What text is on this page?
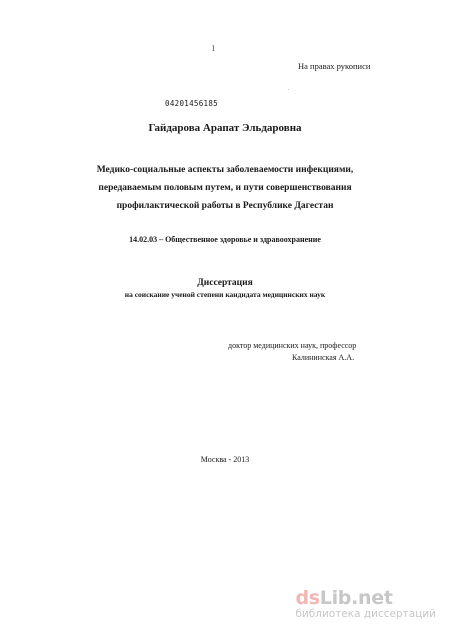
I
На правах рукописи
.
04201456185
Гайдарова Арапат Эльдаровна
Медико-социальные аспекты заболеваемости инфекциями,
передаваемым половым путем, и пути совершенствования
профилактической работы в Республике Дагестан
14.02.03 – Общественное здоровье и здравоохранение
Диссертация
на соискание ученой степени кандидата медицинских наук
доктор медицинских наук, профессор
Калининская А.А.
Москва - 2013
dsLib.net
библиотека диссертаций
